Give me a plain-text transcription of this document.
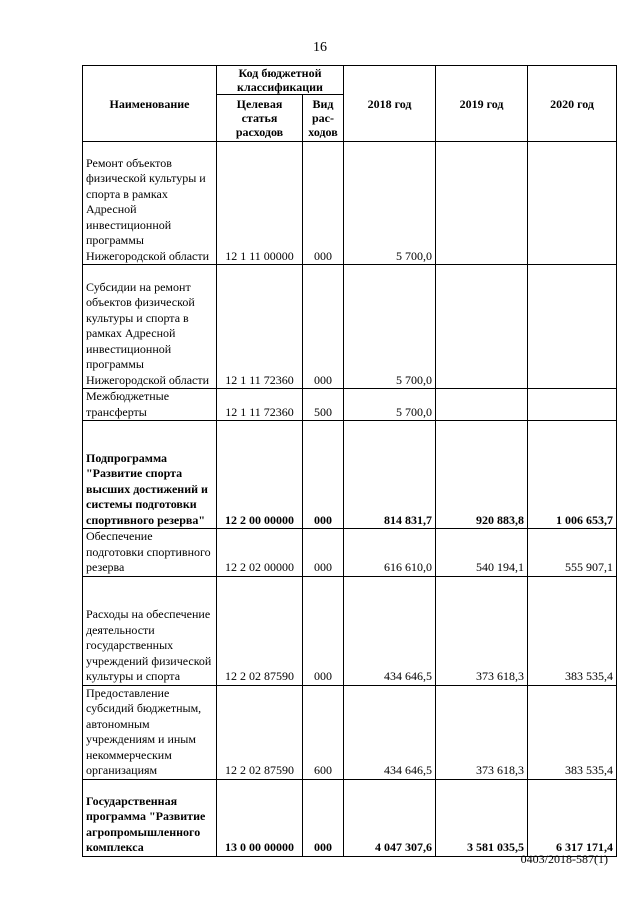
16
Наименование	Код бюджетной классификации		2018 год	2019 год	2020 год
	Целевая статья расходов	Вид рас-ходов			
Ремонт объектов физической культуры и спорта в рамках Адресной инвестиционной программы Нижегородской области	12 1 11 00000	000	5 700,0		
Субсидии на ремонт объектов физической культуры и спорта в рамках Адресной инвестиционной программы Нижегородской области	12 1 11 72360	000	5 700,0		
Межбюджетные трансферты	12 1 11 72360	500	5 700,0		
Подпрограмма "Развитие спорта высших достижений и системы подготовки спортивного резерва"	12 2 00 00000	000	814 831,7	920 883,8	1 006 653,7
Обеспечение подготовки спортивного резерва	12 2 02 00000	000	616 610,0	540 194,1	555 907,1
Расходы на обеспечение деятельности государственных учреждений физической культуры и спорта	12 2 02 87590	000	434 646,5	373 618,3	383 535,4
Предоставление субсидий бюджетным, автономным учреждениям и иным некоммерческим организациям	12 2 02 87590	600	434 646,5	373 618,3	383 535,4
Государственная программа "Развитие агропромышленного комплекса	13 0 00 00000	000	4 047 307,6	3 581 035,5	6 317 171,4
0403/2018-587(1)
